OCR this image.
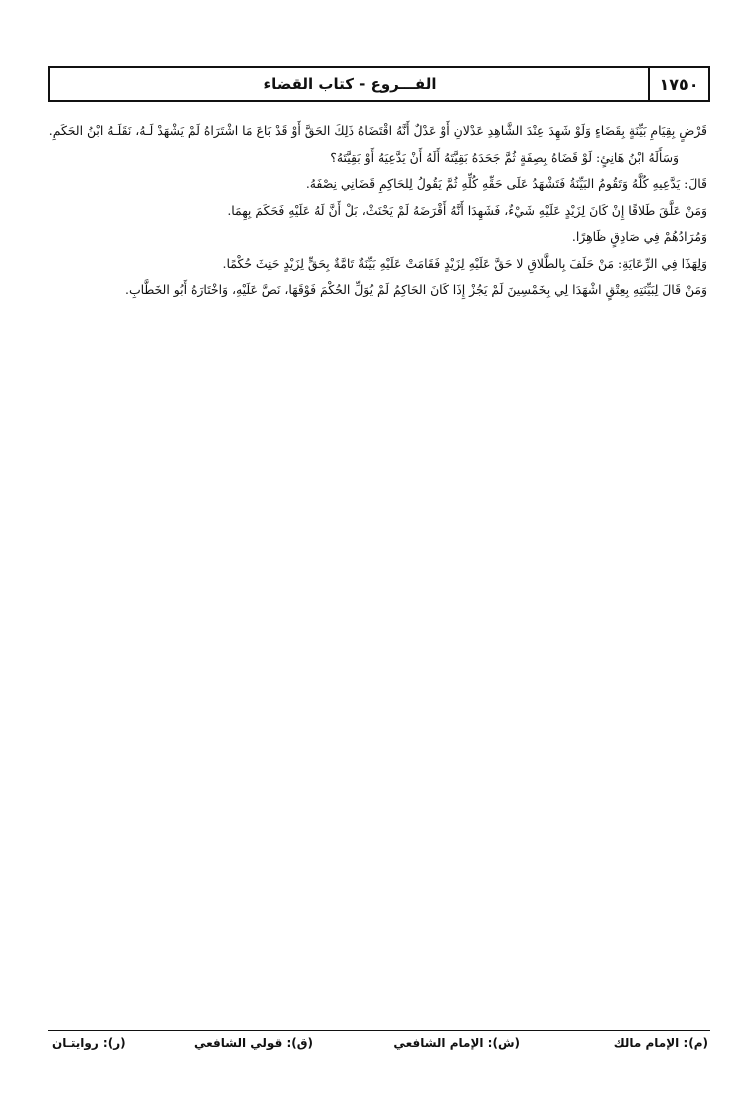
١٧٥٠
الفـــروع - كتاب القضاء

قَرْضٍ بِقِيَامِ بَيِّنَةٍ بِقَضَاءٍ وَلَوْ شَهِدَ عِنْدَ الشَّاهِدِ عَدْلانِ أَوْ عَدْلٌ أَنَّهُ اقْتَضَاهُ ذَلِكَ الحَقَّ أَوْ قَدْ بَاعَ مَا اشْتَرَاهُ لَمْ يَشْهَدْ لَـهُ، نَقَلَـهُ ابْنُ الحَكَمِ.

وَسَأَلَهُ ابْنُ هَانِئٍ: لَوْ قَضَاهُ بِصِفَةٍ ثُمَّ جَحَدَهُ بَقِيَّتَهُ أَلَهُ أَنْ يَدَّعِيَهُ أَوْ بَقِيَّتَهُ؟

قَالَ: يَدَّعِيهِ كُلَّهُ وَتَقُومُ البَيِّنَةُ فَتَشْهَدُ عَلَى حَقِّهِ كُلِّهِ ثُمَّ يَقُولُ لِلحَاكِمِ قَضَانِي نِصْفَهُ.

وَمَنْ عَلَّقَ طَلاقًا إِنْ كَانَ لِزَيْدٍ عَلَيْهِ شَيْءٌ، فَشَهِدَا أَنَّهُ أَقْرَضَهُ لَمْ يَحْنَثْ، بَلْ أَنَّ لَهُ عَلَيْهِ فَحَكَمَ بِهِمَا.

وَمُرَادُهُمْ فِي صَادِقٍ ظَاهِرًا.

وَلِهَذَا فِي الرِّعَايَةِ: مَنْ حَلَفَ بِالطَّلاقِ لا حَقَّ عَلَيْهِ لِزَيْدٍ فَقَامَتْ عَلَيْهِ بَيِّنَةٌ تَامَّةٌ بِحَقٍّ لِزَيْدٍ حَنِثَ حُكْمًا.

وَمَنْ قَالَ لِبَيِّنَتِهِ بِعِتْقٍ اشْهَدَا لِي بِخَمْسِينَ لَمْ يَجُزْ إِذَا كَانَ الحَاكِمُ لَمْ يُوَلِّ الحُكْمَ فَوْقَهَا، نَصَّ عَلَيْهِ، وَاخْتَارَهُ أَبُو الخَطَّابِ.

(م): الإمام مالك
(ش): الإمام الشافعي
(ق): قولي الشافعي
(ر): روايتـان
